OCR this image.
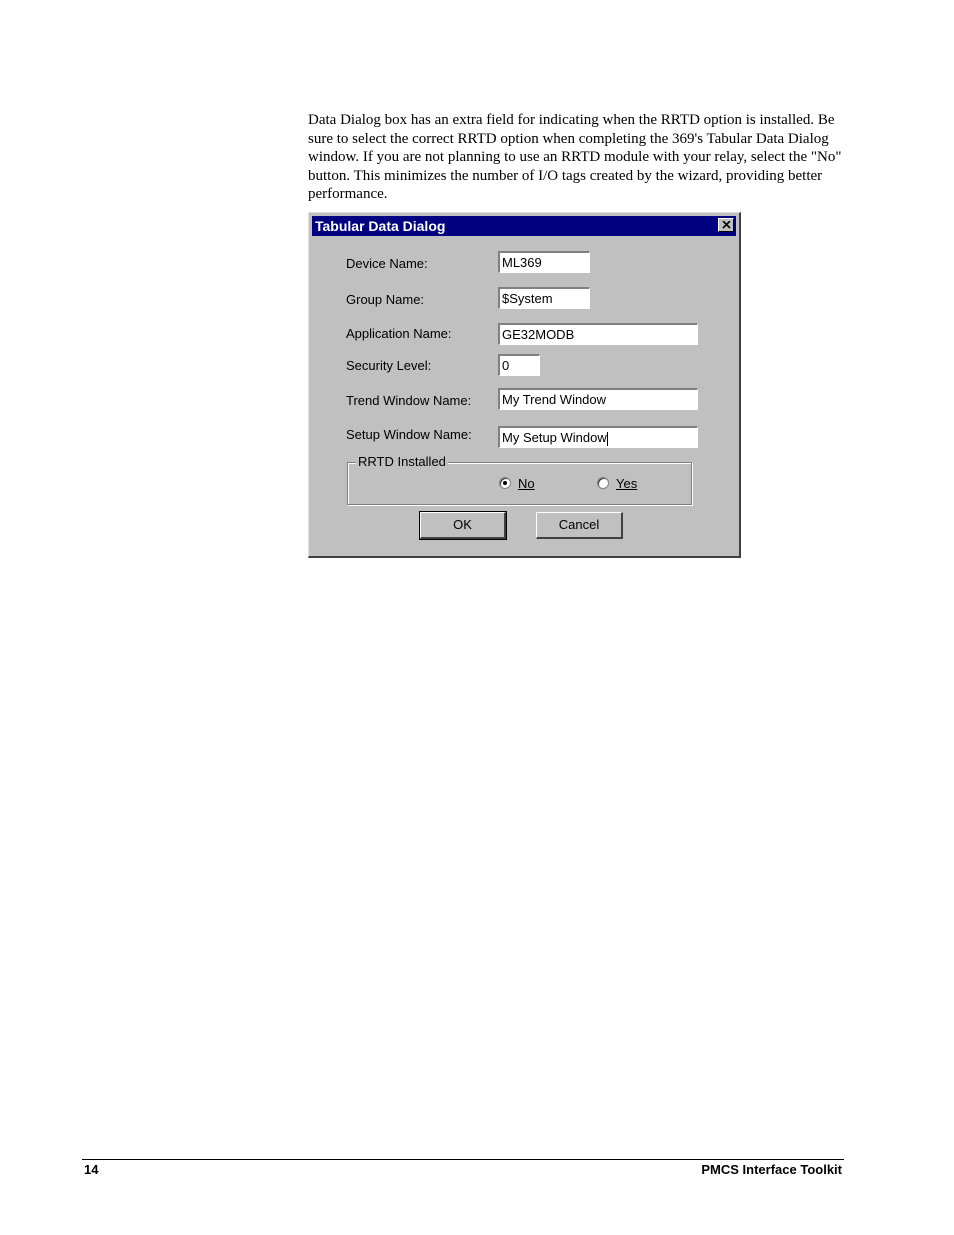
Data Dialog box has an extra field for indicating when the RRTD option is installed. Be sure to select the correct RRTD option when completing the 369's Tabular Data Dialog window. If you are not planning to use an RRTD module with your relay, select the "No" button. This minimizes the number of I/O tags created by the wizard, providing better performance.

Tabular Data Dialog
Device Name:	ML369
Group Name:	$System
Application Name:	GE32MODB
Security Level:	0
Trend Window Name:	My Trend Window
Setup Window Name:	My Setup Window
RRTD Installed
No	Yes
OK	Cancel
14	PMCS Interface Toolkit
